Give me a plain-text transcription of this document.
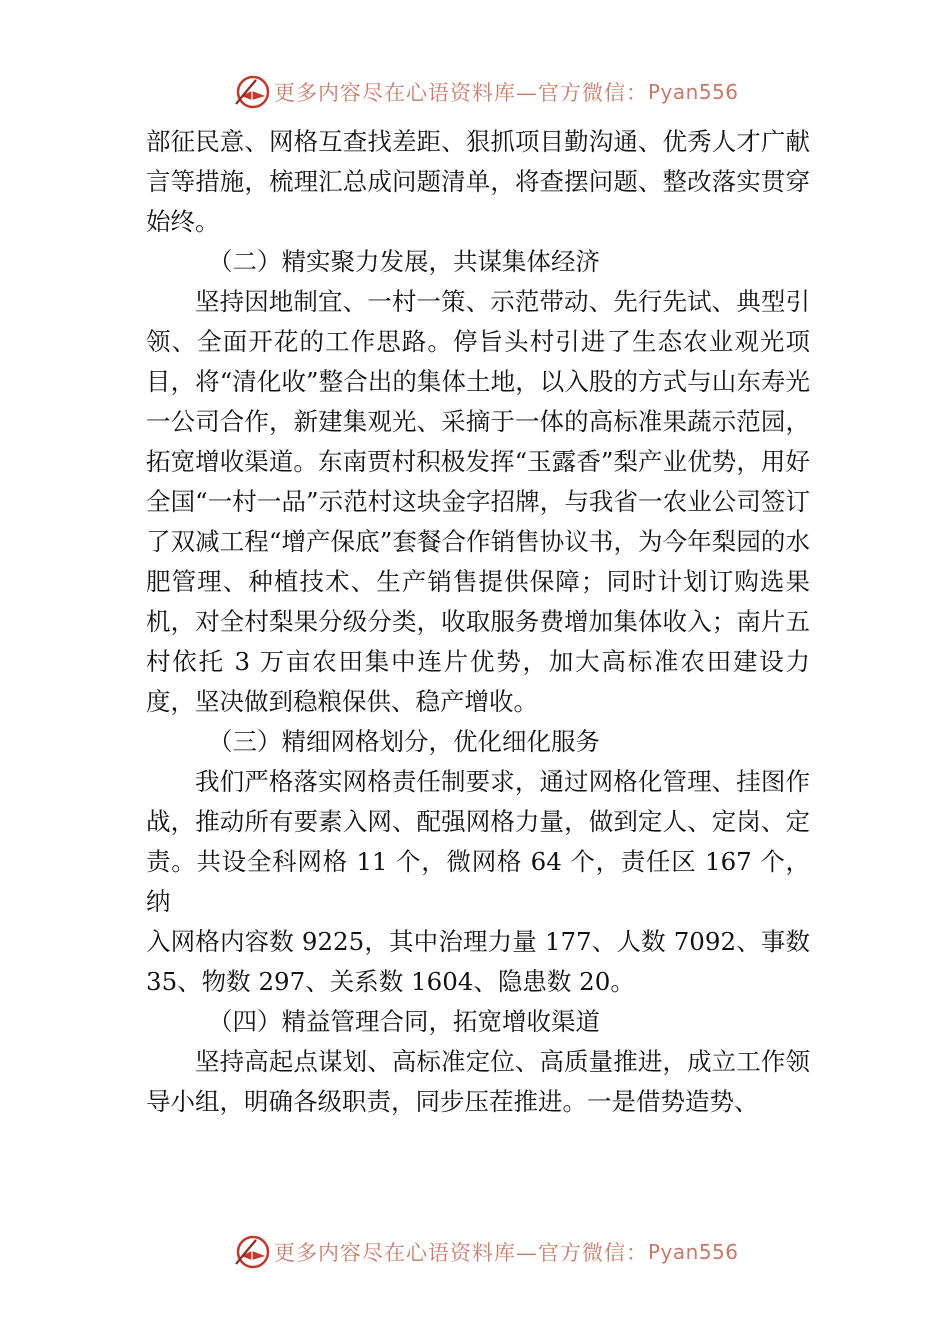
更多内容尽在心语资料库—官方微信： Pyan556

部征民意、网格互查找差距、狠抓项目勤沟通、优秀人才广献言等措施，梳理汇总成问题清单，将查摆问题、整改落实贯穿始终。

（二）精实聚力发展，共谋集体经济

坚持因地制宜、一村一策、示范带动、先行先试、典型引领、全面开花的工作思路。停旨头村引进了生态农业观光项目，将“清化收”整合出的集体土地，以入股的方式与山东寿光一公司合作，新建集观光、采摘于一体的高标准果蔬示范园，拓宽增收渠道。东南贾村积极发挥“玉露香”梨产业优势，用好全国“一村一品”示范村这块金字招牌，与我省一农业公司签订了双减工程“增产保底”套餐合作销售协议书，为今年梨园的水肥管理、种植技术、生产销售提供保障；同时计划订购选果机，对全村梨果分级分类，收取服务费增加集体收入；南片五村依托 3 万亩农田集中连片优势，加大高标准农田建设力度，坚决做到稳粮保供、稳产增收。

（三）精细网格划分，优化细化服务

我们严格落实网格责任制要求，通过网格化管理、挂图作战，推动所有要素入网、配强网格力量，做到定人、定岗、定责。共设全科网格 11 个，微网格 64 个，责任区 167 个，纳

入网格内容数 9225，其中治理力量 177、人数 7092、事数 35、物数 297、关系数 1604、隐患数 20。

（四）精益管理合同，拓宽增收渠道

坚持高起点谋划、高标准定位、高质量推进，成立工作领导小组，明确各级职责，同步压茬推进。一是借势造势、

更多内容尽在心语资料库—官方微信： Pyan556
